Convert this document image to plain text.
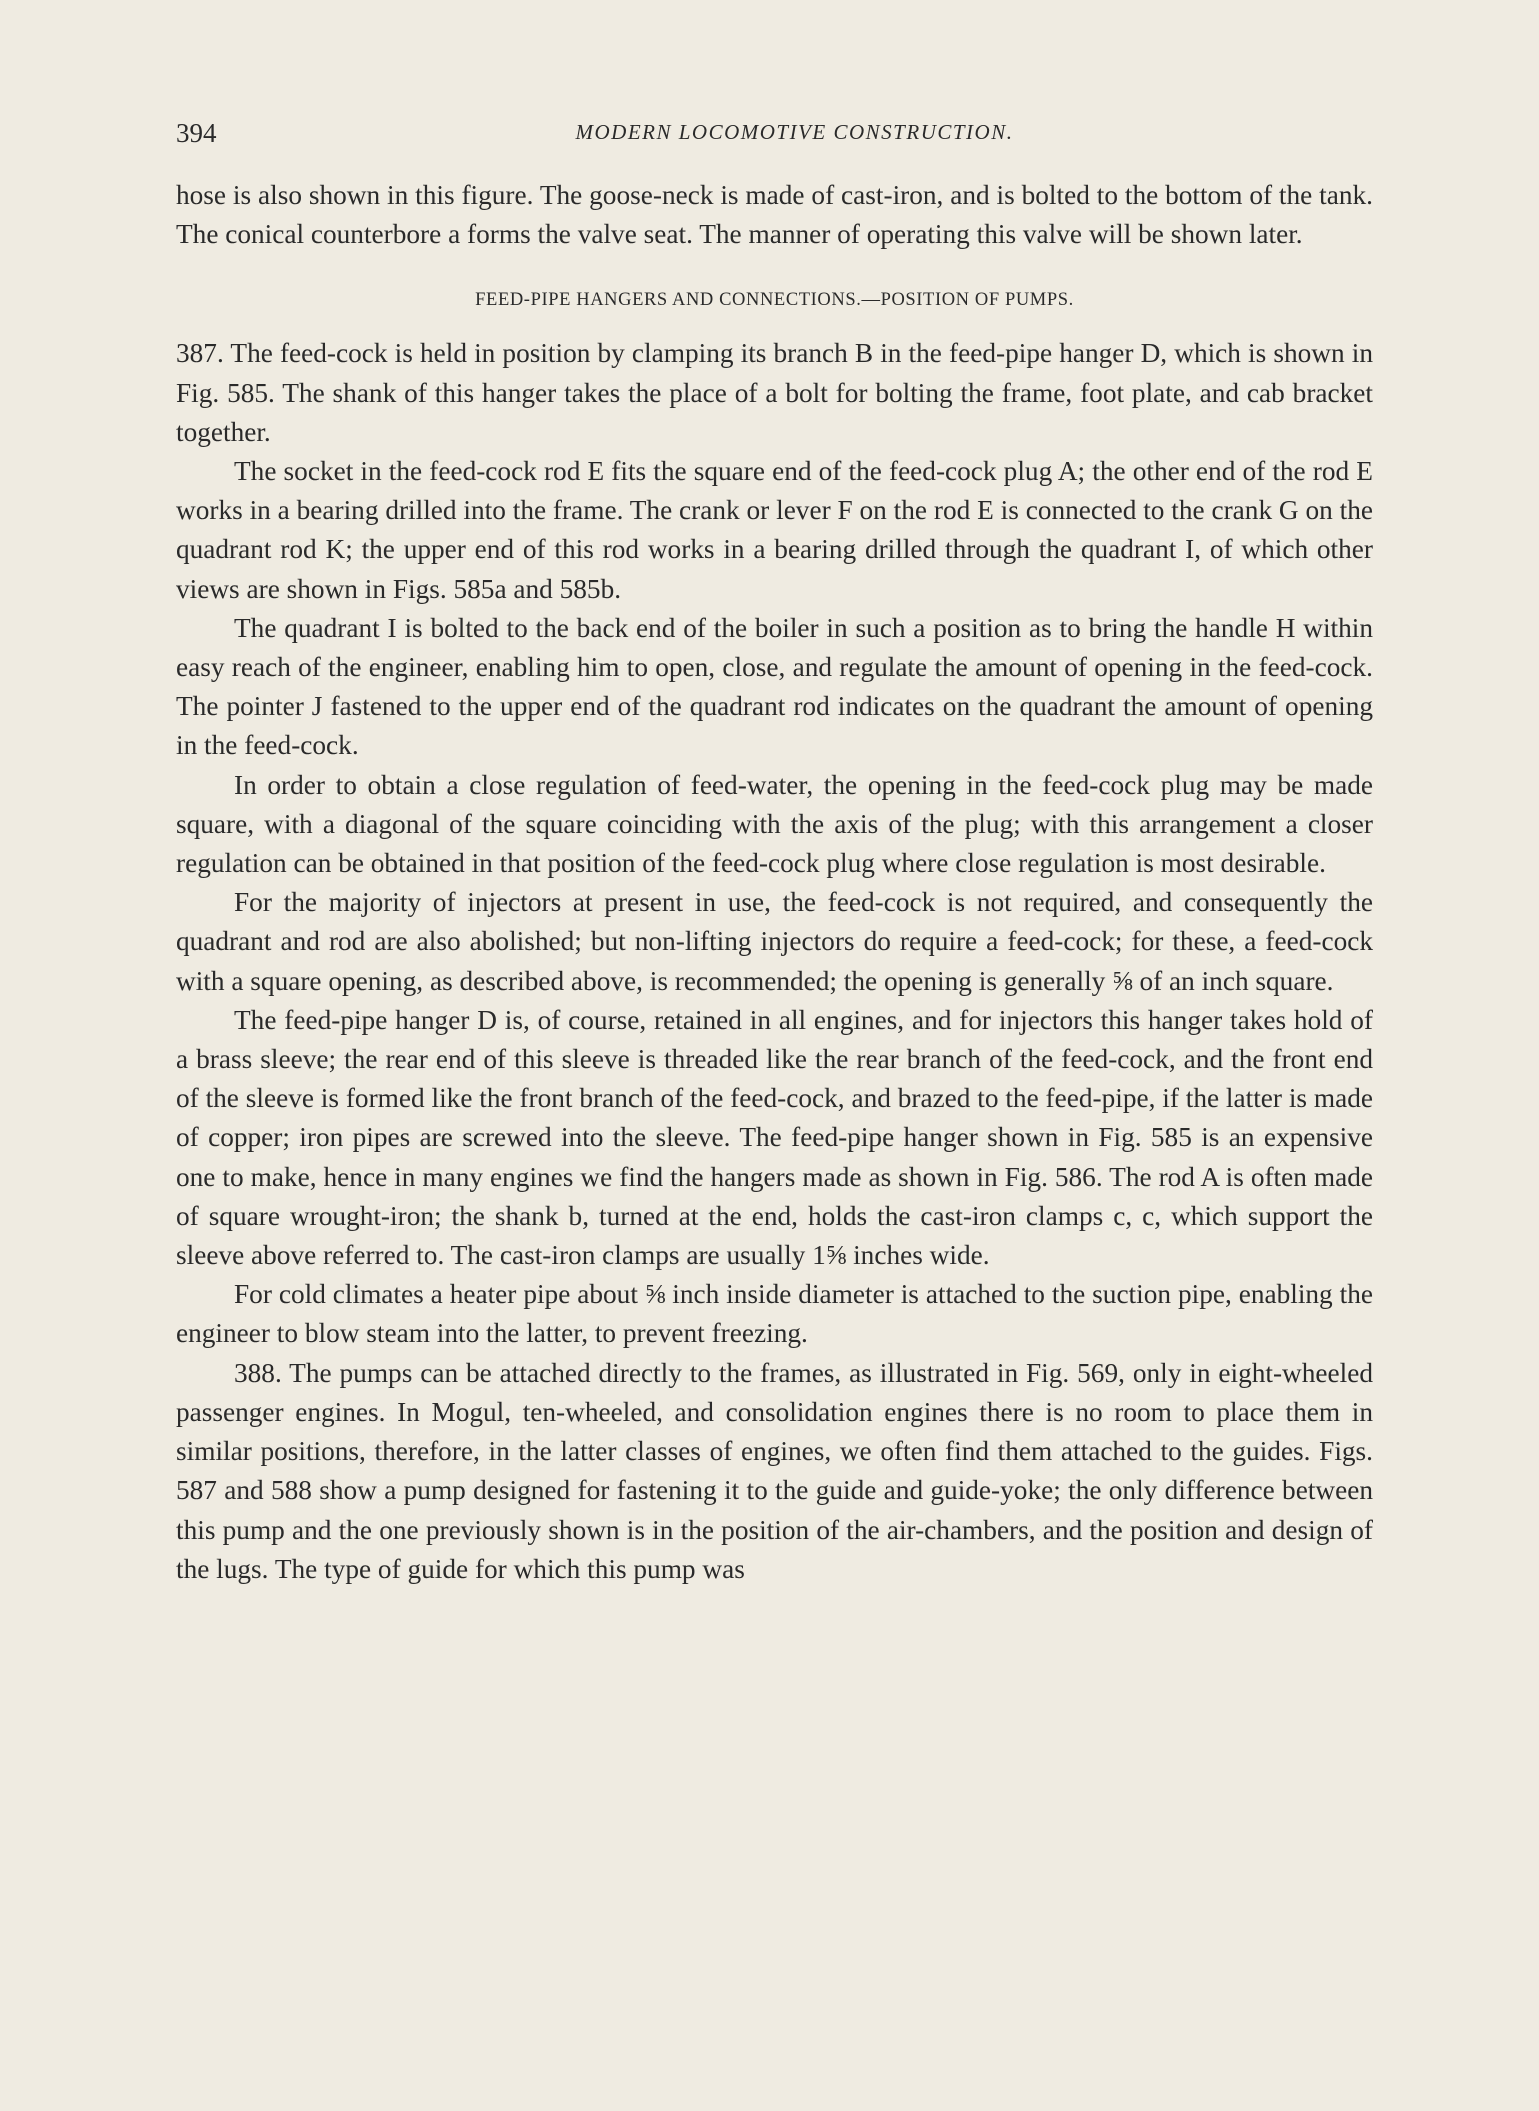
394	MODERN LOCOMOTIVE CONSTRUCTION.

hose is also shown in this figure. The goose-neck is made of cast-iron, and is bolted to the bottom of the tank. The conical counterbore a forms the valve seat. The manner of operating this valve will be shown later.

FEED-PIPE HANGERS AND CONNECTIONS.—POSITION OF PUMPS.

387. The feed-cock is held in position by clamping its branch B in the feed-pipe hanger D, which is shown in Fig. 585. The shank of this hanger takes the place of a bolt for bolting the frame, foot plate, and cab bracket together.

The socket in the feed-cock rod E fits the square end of the feed-cock plug A; the other end of the rod E works in a bearing drilled into the frame. The crank or lever F on the rod E is connected to the crank G on the quadrant rod K; the upper end of this rod works in a bearing drilled through the quadrant I, of which other views are shown in Figs. 585a and 585b.

The quadrant I is bolted to the back end of the boiler in such a position as to bring the handle H within easy reach of the engineer, enabling him to open, close, and regulate the amount of opening in the feed-cock. The pointer J fastened to the upper end of the quadrant rod indicates on the quadrant the amount of opening in the feed-cock.

In order to obtain a close regulation of feed-water, the opening in the feed-cock plug may be made square, with a diagonal of the square coinciding with the axis of the plug; with this arrangement a closer regulation can be obtained in that position of the feed-cock plug where close regulation is most desirable.

For the majority of injectors at present in use, the feed-cock is not required, and consequently the quadrant and rod are also abolished; but non-lifting injectors do require a feed-cock; for these, a feed-cock with a square opening, as described above, is recommended; the opening is generally ⅝ of an inch square.

The feed-pipe hanger D is, of course, retained in all engines, and for injectors this hanger takes hold of a brass sleeve; the rear end of this sleeve is threaded like the rear branch of the feed-cock, and the front end of the sleeve is formed like the front branch of the feed-cock, and brazed to the feed-pipe, if the latter is made of copper; iron pipes are screwed into the sleeve. The feed-pipe hanger shown in Fig. 585 is an expensive one to make, hence in many engines we find the hangers made as shown in Fig. 586. The rod A is often made of square wrought-iron; the shank b, turned at the end, holds the cast-iron clamps c, c, which support the sleeve above referred to. The cast-iron clamps are usually 1⅝ inches wide.

For cold climates a heater pipe about ⅝ inch inside diameter is attached to the suction pipe, enabling the engineer to blow steam into the latter, to prevent freezing.

388. The pumps can be attached directly to the frames, as illustrated in Fig. 569, only in eight-wheeled passenger engines. In Mogul, ten-wheeled, and consolidation engines there is no room to place them in similar positions, therefore, in the latter classes of engines, we often find them attached to the guides. Figs. 587 and 588 show a pump designed for fastening it to the guide and guide-yoke; the only difference between this pump and the one previously shown is in the position of the air-chambers, and the position and design of the lugs. The type of guide for which this pump was
